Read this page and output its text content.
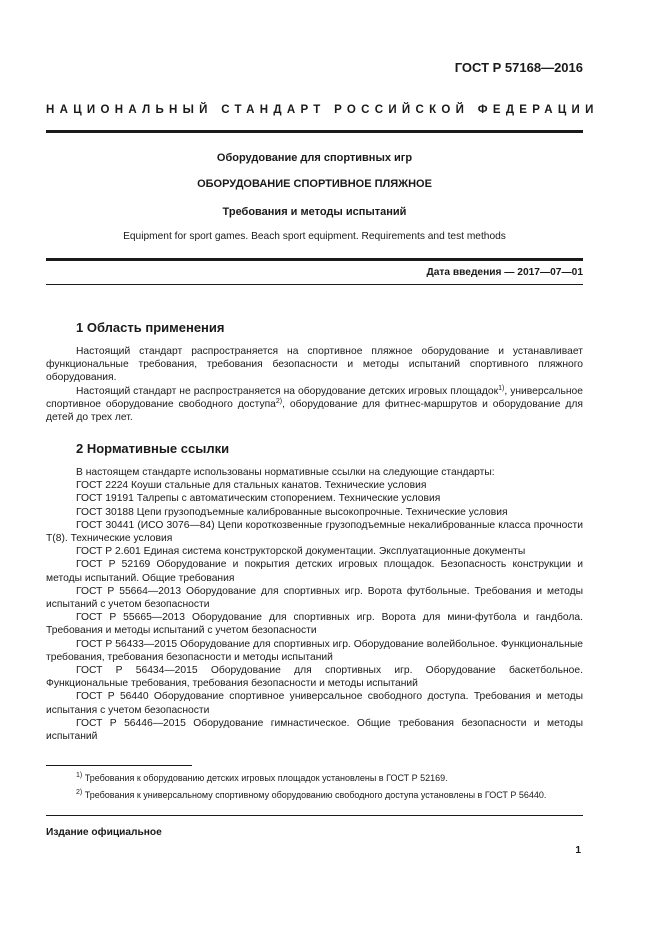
ГОСТ Р 57168—2016
НАЦИОНАЛЬНЫЙ СТАНДАРТ РОССИЙСКОЙ ФЕДЕРАЦИИ
Оборудование для спортивных игр
ОБОРУДОВАНИЕ СПОРТИВНОЕ ПЛЯЖНОЕ
Требования и методы испытаний
Equipment for sport games. Beach sport equipment. Requirements and test methods
Дата введения — 2017—07—01
1 Область применения

Настоящий стандарт распространяется на спортивное пляжное оборудование и устанавливает функциональные требования, требования безопасности и методы испытаний спортивного пляжного оборудования.

Настоящий стандарт не распространяется на оборудование детских игровых площадок$^{1)}$, универсальное спортивное оборудование свободного доступа$^{2)}$, оборудование для фитнес-маршрутов и оборудование для детей до трех лет.

2 Нормативные ссылки

В настоящем стандарте использованы нормативные ссылки на следующие стандарты:

ГОСТ 2224 Коуши стальные для стальных канатов. Технические условия

ГОСТ 19191 Талрепы с автоматическим стопорением. Технические условия

ГОСТ 30188 Цепи грузоподъемные калиброванные высокопрочные. Технические условия

ГОСТ 30441 (ИСО 3076—84) Цепи короткозвенные грузоподъемные некалиброванные класса прочности Т(8). Технические условия

ГОСТ Р 2.601 Единая система конструкторской документации. Эксплуатационные документы

ГОСТ Р 52169 Оборудование и покрытия детских игровых площадок. Безопасность конструкции и методы испытаний. Общие требования

ГОСТ Р 55664—2013 Оборудование для спортивных игр. Ворота футбольные. Требования и методы испытаний с учетом безопасности

ГОСТ Р 55665—2013 Оборудование для спортивных игр. Ворота для мини-футбола и гандбола. Требования и методы испытаний с учетом безопасности

ГОСТ Р 56433—2015 Оборудование для спортивных игр. Оборудование волейбольное. Функциональные требования, требования безопасности и методы испытаний

ГОСТ Р 56434—2015 Оборудование для спортивных игр. Оборудование баскетбольное. Функциональные требования, требования безопасности и методы испытаний

ГОСТ Р 56440 Оборудование спортивное универсальное свободного доступа. Требования и методы испытания с учетом безопасности

ГОСТ Р 56446—2015 Оборудование гимнастическое. Общие требования безопасности и методы испытаний

$^{1)}$ Требования к оборудованию детских игровых площадок установлены в ГОСТ Р 52169.
$^{2)}$ Требования к универсальному спортивному оборудованию свободного доступа установлены в ГОСТ Р 56440.
Издание официальное
1
